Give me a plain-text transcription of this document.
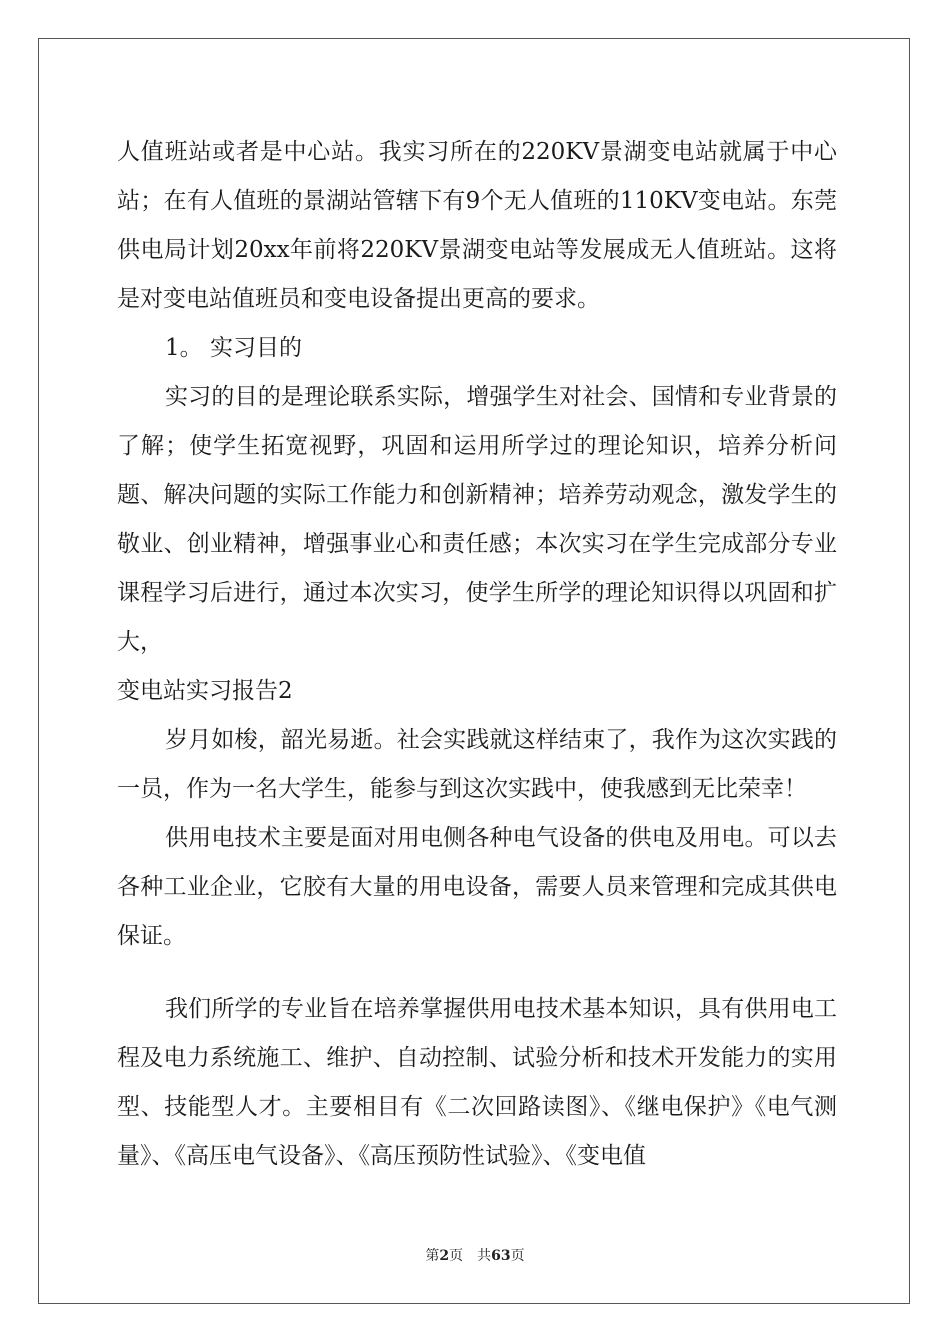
人值班站或者是中心站。我实习所在的220KV景湖变电站就属于中心站；在有人值班的景湖站管辖下有9个无人值班的110KV变电站。东莞供电局计划20xx年前将220KV景湖变电站等发展成无人值班站。这将是对变电站值班员和变电设备提出更高的要求。

1。 实习目的

实习的目的是理论联系实际，增强学生对社会、国情和专业背景的了解；使学生拓宽视野，巩固和运用所学过的理论知识，培养分析问题、解决问题的实际工作能力和创新精神；培养劳动观念，激发学生的敬业、创业精神，增强事业心和责任感；本次实习在学生完成部分专业课程学习后进行，通过本次实习，使学生所学的理论知识得以巩固和扩大，

变电站实习报告2

岁月如梭，韶光易逝。社会实践就这样结束了，我作为这次实践的一员，作为一名大学生，能参与到这次实践中，使我感到无比荣幸！

供用电技术主要是面对用电侧各种电气设备的供电及用电。可以去各种工业企业，它胶有大量的用电设备，需要人员来管理和完成其供电保证。

我们所学的专业旨在培养掌握供用电技术基本知识，具有供用电工程及电力系统施工、维护、自动控制、试验分析和技术开发能力的实用型、技能型人才。主要相目有《二次回路读图》、《继电保护》《电气测量》、《高压电气设备》、《高压预防性试验》、《变电值

第2页　共63页
